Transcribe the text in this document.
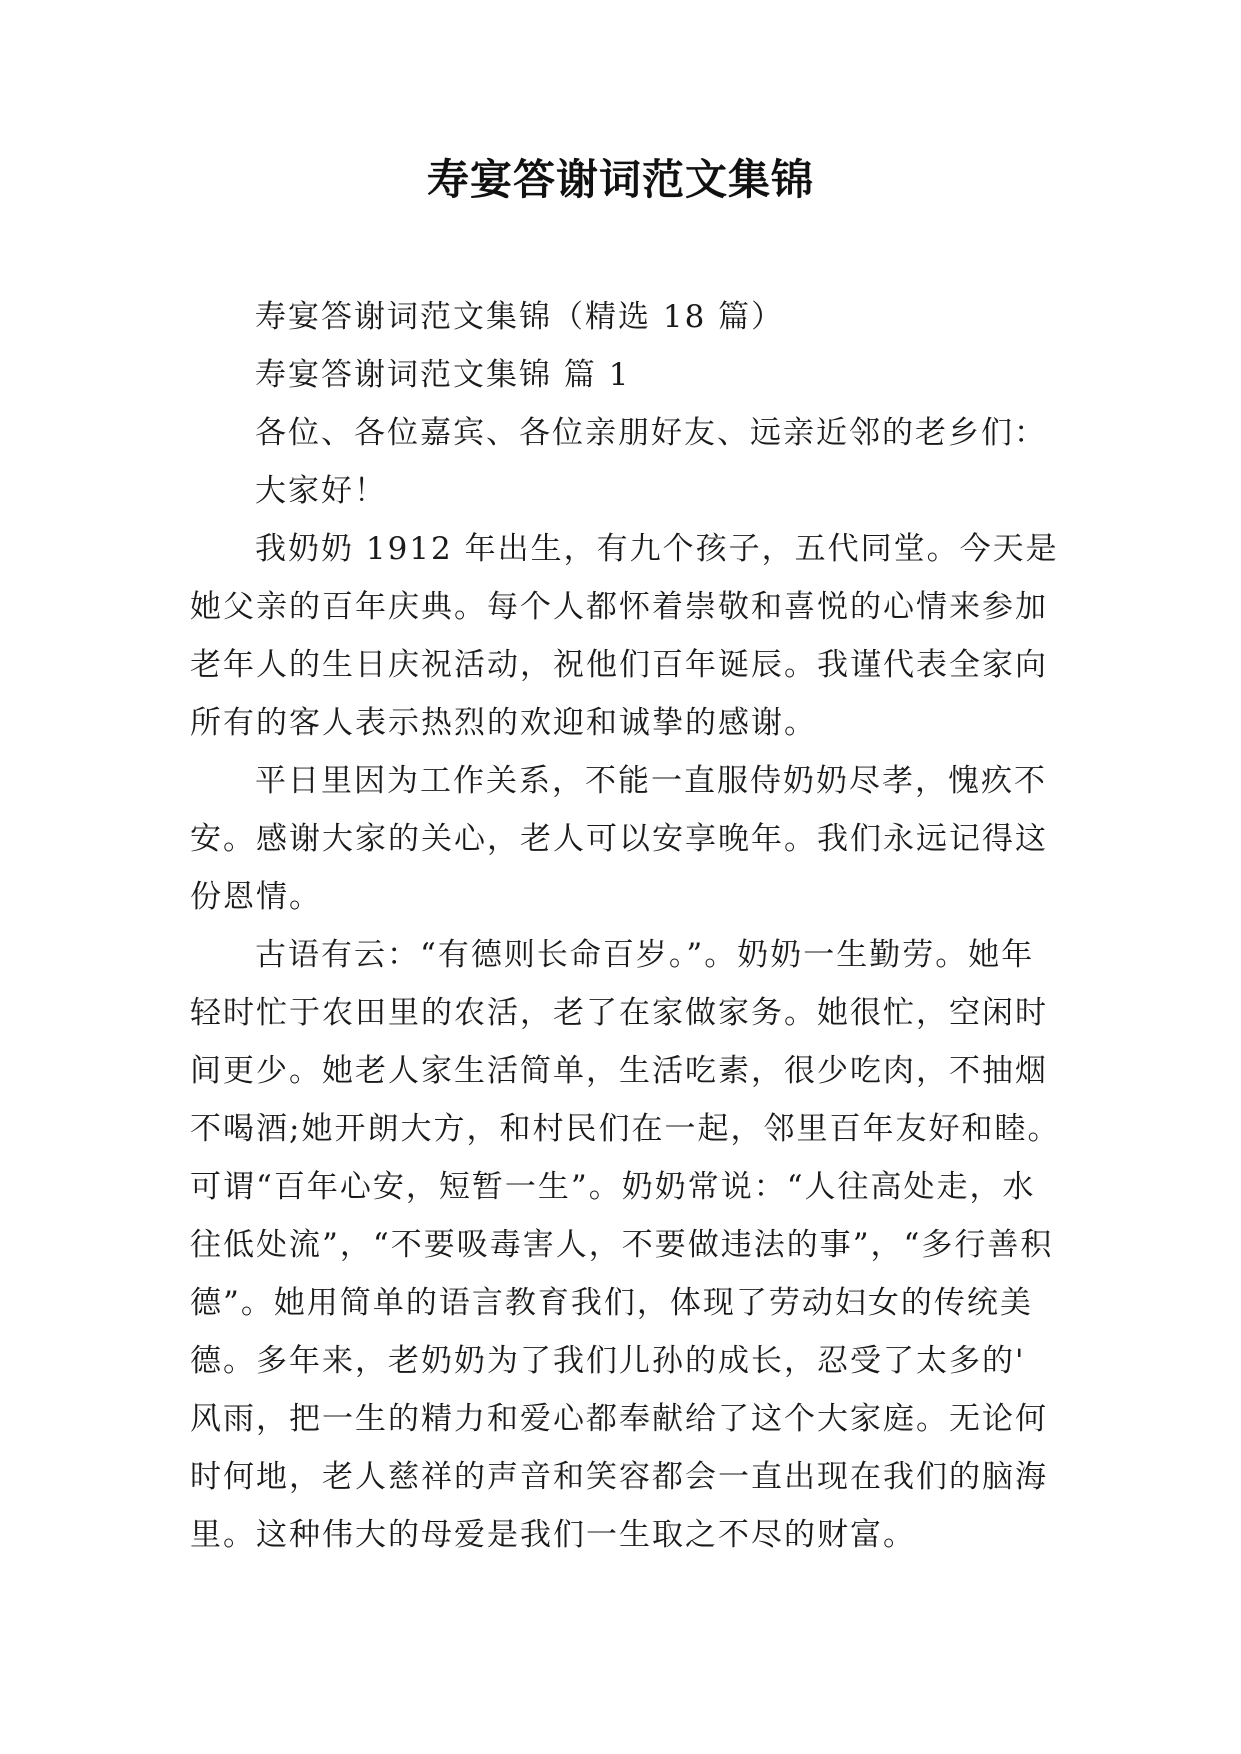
寿宴答谢词范文集锦
寿宴答谢词范文集锦（精选 18 篇）
寿宴答谢词范文集锦 篇 1
各位、各位嘉宾、各位亲朋好友、远亲近邻的老乡们：
大家好！
我奶奶 1912 年出生，有九个孩子，五代同堂。今天是
她父亲的百年庆典。每个人都怀着崇敬和喜悦的心情来参加
老年人的生日庆祝活动，祝他们百年诞辰。我谨代表全家向
所有的客人表示热烈的欢迎和诚挚的感谢。
平日里因为工作关系，不能一直服侍奶奶尽孝，愧疚不
安。感谢大家的关心，老人可以安享晚年。我们永远记得这
份恩情。
古语有云：“有德则长命百岁。”。奶奶一生勤劳。她年
轻时忙于农田里的农活，老了在家做家务。她很忙，空闲时
间更少。她老人家生活简单，生活吃素，很少吃肉，不抽烟
不喝酒;她开朗大方，和村民们在一起，邻里百年友好和睦。
可谓“百年心安，短暂一生”。奶奶常说：“人往高处走，水
往低处流”，“不要吸毒害人，不要做违法的事”，“多行善积
德”。她用简单的语言教育我们，体现了劳动妇女的传统美
德。多年来，老奶奶为了我们儿孙的成长，忍受了太多的'
风雨，把一生的精力和爱心都奉献给了这个大家庭。无论何
时何地，老人慈祥的声音和笑容都会一直出现在我们的脑海
里。这种伟大的母爱是我们一生取之不尽的财富。
